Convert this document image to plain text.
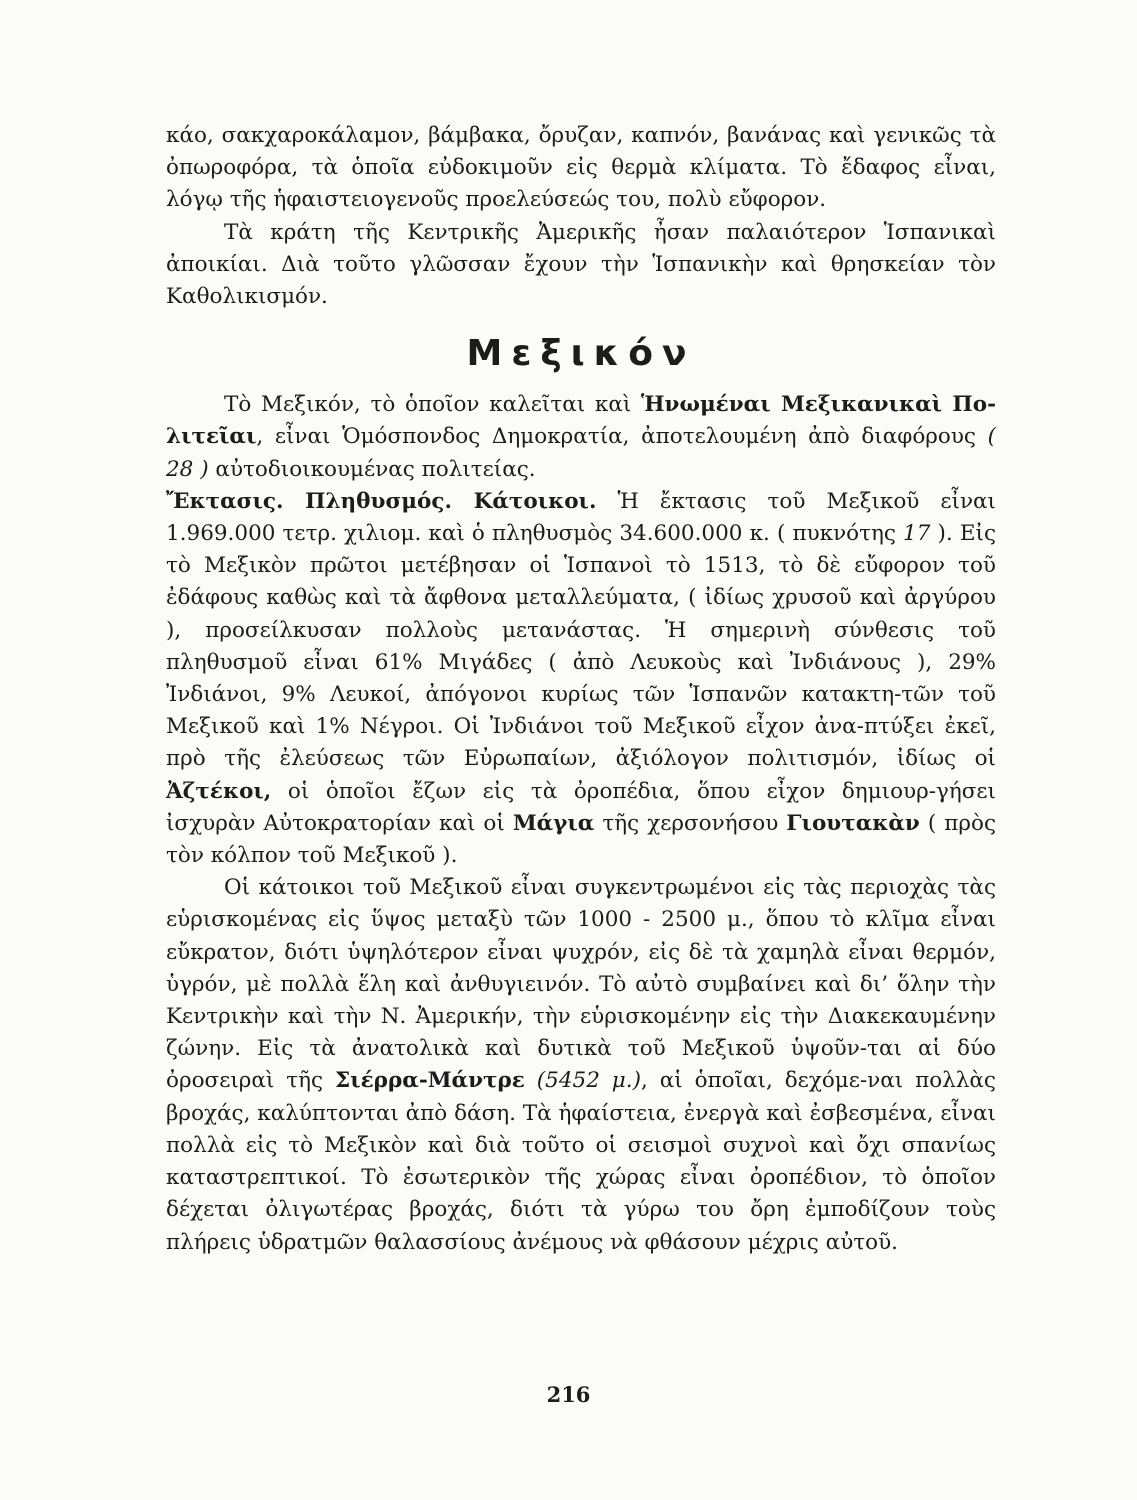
κάο, σακχαροκάλαμον, βάμβακα, ὄρυζαν, καπνόν, βανάνας καὶ γενικῶς τὰ ὀπωροφόρα, τὰ ὁποῖα εὐδοκιμοῦν εἰς θερμὰ κλίματα. Τὸ ἔδαφος εἶναι, λόγῳ τῆς ἡφαιστειογενοῦς προελεύσεώς του, πολὺ εὔφορον.

Τὰ κράτη τῆς Κεντρικῆς Ἀμερικῆς ἦσαν παλαιότερον Ἱσπανικαὶ ἀποικίαι. Διὰ τοῦτο γλῶσσαν ἔχουν τὴν Ἱσπανικὴν καὶ θρησκείαν τὸν Καθολικισμόν.

Μεξικόν

Τὸ Μεξικόν, τὸ ὁποῖον καλεῖται καὶ Ἡνωμέναι Μεξικανικαὶ Πο-λιτεῖαι, εἶναι Ὁμόσπονδος Δημοκρατία, ἀποτελουμένη ἀπὸ διαφόρους ( 28 ) αὐτοδιοικουμένας πολιτείας.

Ἔκτασις. Πληθυσμός. Κάτοικοι. Ἡ ἔκτασις τοῦ Μεξικοῦ εἶναι 1.969.000 τετρ. χιλιομ. καὶ ὁ πληθυσμὸς 34.600.000 κ. ( πυκνότης 17 ). Εἰς τὸ Μεξικὸν πρῶτοι μετέβησαν οἱ Ἱσπανοὶ τὸ 1513, τὸ δὲ εὔφορον τοῦ ἐδάφους καθὼς καὶ τὰ ἄφθονα μεταλλεύματα, ( ἰδίως χρυσοῦ καὶ ἀργύρου ), προσείλκυσαν πολλοὺς μετανάστας. Ἡ σημερινὴ σύνθεσις τοῦ πληθυσμοῦ εἶναι 61% Μιγάδες ( ἀπὸ Λευκοὺς καὶ Ἰνδιάνους ), 29% Ἰνδιάνοι, 9% Λευκοί, ἀπόγονοι κυρίως τῶν Ἱσπανῶν κατακτη-τῶν τοῦ Μεξικοῦ καὶ 1% Νέγροι. Οἱ Ἰνδιάνοι τοῦ Μεξικοῦ εἶχον ἀνα-πτύξει ἐκεῖ, πρὸ τῆς ἐλεύσεως τῶν Εὐρωπαίων, ἀξιόλογον πολιτισμόν, ἰδίως οἱ Ἀζτέκοι, οἱ ὁποῖοι ἔζων εἰς τὰ ὀροπέδια, ὅπου εἶχον δημιουρ-γήσει ἰσχυρὰν Αὐτοκρατορίαν καὶ οἱ Μάγια τῆς χερσονήσου Γιουτακὰν ( πρὸς τὸν κόλπον τοῦ Μεξικοῦ ).

Οἱ κάτοικοι τοῦ Μεξικοῦ εἶναι συγκεντρωμένοι εἰς τὰς περιοχὰς τὰς εὑρισκομένας εἰς ὕψος μεταξὺ τῶν 1000 - 2500 μ., ὅπου τὸ κλῖμα εἶναι εὔκρατον, διότι ὑψηλότερον εἶναι ψυχρόν, εἰς δὲ τὰ χαμηλὰ εἶναι θερμόν, ὑγρόν, μὲ πολλὰ ἕλη καὶ ἀνθυγιεινόν. Τὸ αὐτὸ συμβαίνει καὶ δι’ ὅλην τὴν Κεντρικὴν καὶ τὴν Ν. Ἀμερικήν, τὴν εὑρισκομένην εἰς τὴν Διακεκαυμένην ζώνην. Εἰς τὰ ἀνατολικὰ καὶ δυτικὰ τοῦ Μεξικοῦ ὑψοῦν-ται αἱ δύο ὀροσειραὶ τῆς Σιέρρα-Μάντρε (5452 μ.), αἱ ὁποῖαι, δεχόμε-ναι πολλὰς βροχάς, καλύπτονται ἀπὸ δάση. Τὰ ἡφαίστεια, ἐνεργὰ καὶ ἐσβεσμένα, εἶναι πολλὰ εἰς τὸ Μεξικὸν καὶ διὰ τοῦτο οἱ σεισμοὶ συχνοὶ καὶ ὄχι σπανίως καταστρεπτικοί. Τὸ ἐσωτερικὸν τῆς χώρας εἶναι ὀροπέδιον, τὸ ὁποῖον δέχεται ὀλιγωτέρας βροχάς, διότι τὰ γύρω του ὄρη ἐμποδίζουν τοὺς πλήρεις ὑδρατμῶν θαλασσίους ἀνέμους νὰ φθάσουν μέχρις αὐτοῦ.

216
